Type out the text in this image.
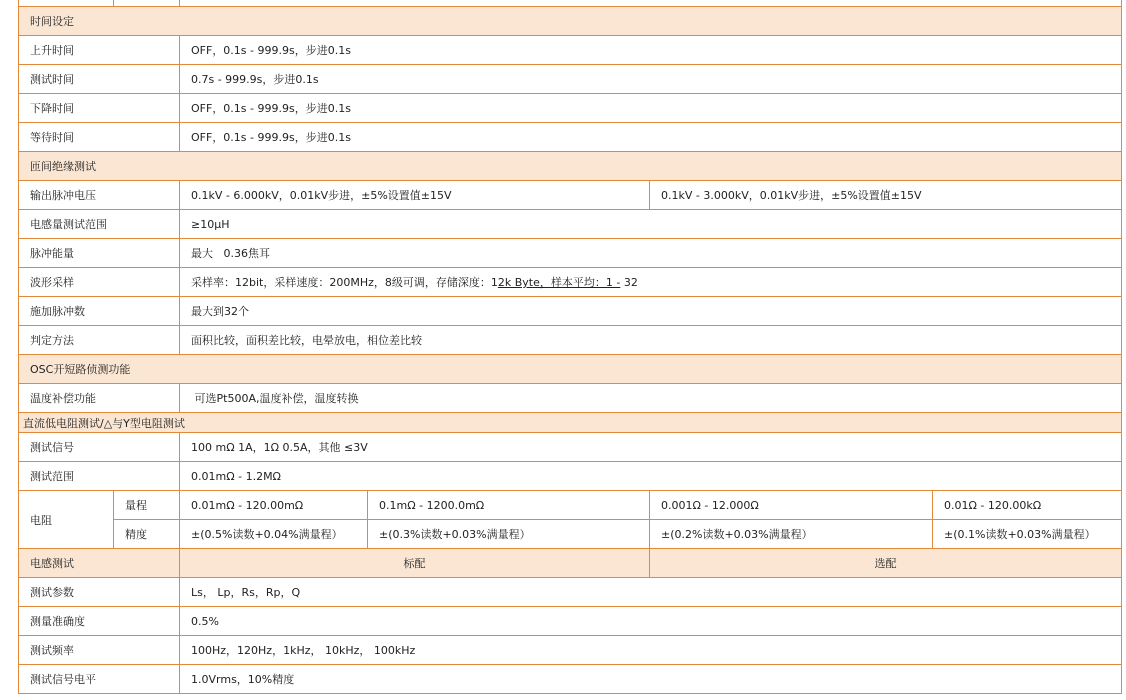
时间设定						
上升时间		OFF，0.1s - 999.9s，步进0.1s				
测试时间		0.7s - 999.9s，步进0.1s				
下降时间		OFF，0.1s - 999.9s，步进0.1s				
等待时间		OFF，0.1s - 999.9s，步进0.1s				
匝间绝缘测试						
输出脉冲电压		0.1kV - 6.000kV，0.01kV步进，±5%设置值±15V		0.1kV - 3.000kV，0.01kV步进，±5%设置值±15V		
电感量测试范围		≥10μH				
脉冲能量		最大   0.36焦耳				
波形采样		采样率：12bit，采样速度：200MHz，8级可调，存储深度：12k Byte，样本平均：1 - 32				
施加脉冲数		最大到32个				
判定方法		面积比较，面积差比较，电晕放电，相位差比较				
OSC开短路侦测功能						
温度补偿功能		可选Pt500A,温度补偿，温度转换				
直流低电阻测试/△与Y型电阻测试						
测试信号		100 mΩ 1A，1Ω 0.5A，其他 ≤3V				
测试范围		0.01mΩ - 1.2MΩ				
电阻	量程	0.01mΩ - 120.00mΩ	0.1mΩ - 1200.0mΩ	0.001Ω - 12.000Ω	0.01Ω - 120.00kΩ	
	精度	±(0.5%读数+0.04%满量程）	±(0.3%读数+0.03%满量程）	±(0.2%读数+0.03%满量程）	±(0.1%读数+0.03%满量程）	
电感测试		标配		选配		
测试参数		Ls， Lp，Rs，Rp，Q				
测量准确度		0.5%				
测试频率		100Hz，120Hz，1kHz， 10kHz， 100kHz				
测试信号电平		1.0Vrms，10%精度				
